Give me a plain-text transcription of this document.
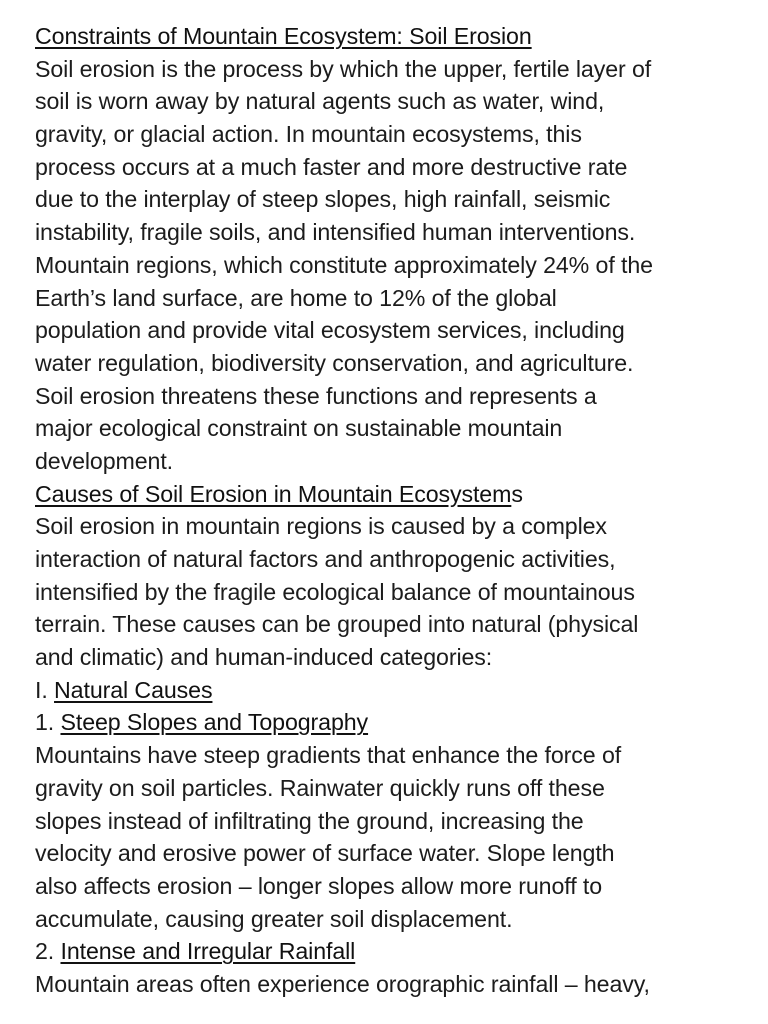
Constraints of Mountain Ecosystem: Soil Erosion
Soil erosion is the process by which the upper, fertile layer of
soil is worn away by natural agents such as water, wind,
gravity, or glacial action. In mountain ecosystems, this
process occurs at a much faster and more destructive rate
due to the interplay of steep slopes, high rainfall, seismic
instability, fragile soils, and intensified human interventions.
Mountain regions, which constitute approximately 24% of the
Earth’s land surface, are home to 12% of the global
population and provide vital ecosystem services, including
water regulation, biodiversity conservation, and agriculture.
Soil erosion threatens these functions and represents a
major ecological constraint on sustainable mountain
development.
Causes of Soil Erosion in Mountain Ecosystems
Soil erosion in mountain regions is caused by a complex
interaction of natural factors and anthropogenic activities,
intensified by the fragile ecological balance of mountainous
terrain. These causes can be grouped into natural (physical
and climatic) and human-induced categories:
I. Natural Causes
1. Steep Slopes and Topography
Mountains have steep gradients that enhance the force of
gravity on soil particles. Rainwater quickly runs off these
slopes instead of infiltrating the ground, increasing the
velocity and erosive power of surface water. Slope length
also affects erosion – longer slopes allow more runoff to
accumulate, causing greater soil displacement.
2. Intense and Irregular Rainfall
Mountain areas often experience orographic rainfall – heavy,
